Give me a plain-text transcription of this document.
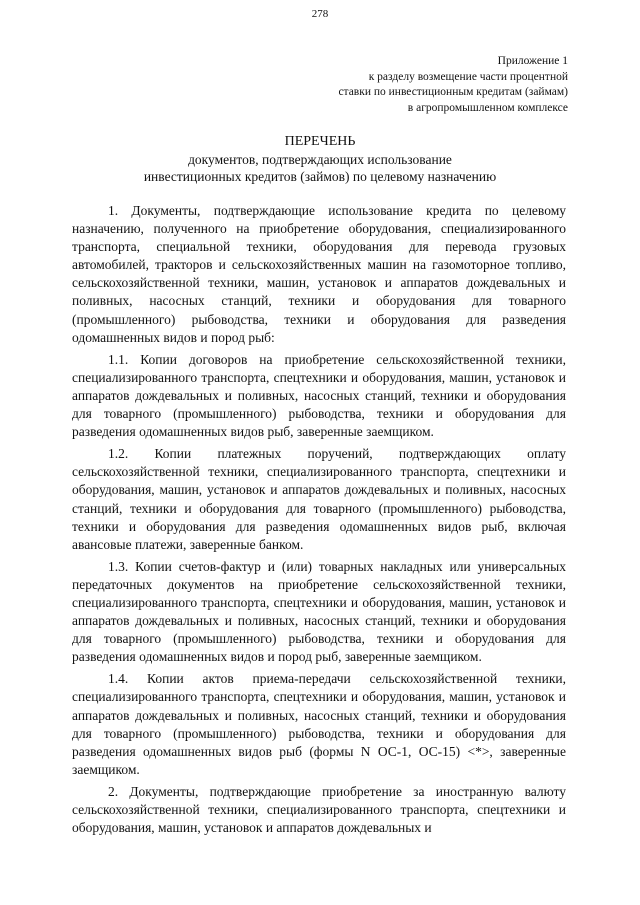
278
Приложение 1
к разделу возмещение части процентной
ставки по инвестиционным кредитам (займам)
в агропромышленном комплексе
ПЕРЕЧЕНЬ
документов, подтверждающих использование
инвестиционных кредитов (займов) по целевому назначению

1. Документы, подтверждающие использование кредита по целевому назначению, полученного на приобретение оборудования, специализированного транспорта, специальной техники, оборудования для перевода грузовых автомобилей, тракторов и сельскохозяйственных машин на газомоторное топливо, сельскохозяйственной техники, машин, установок и аппаратов дождевальных и поливных, насосных станций, техники и оборудования для товарного (промышленного) рыбоводства, техники и оборудования для разведения одомашненных видов и пород рыб:

1.1. Копии договоров на приобретение сельскохозяйственной техники, специализированного транспорта, спецтехники и оборудования, машин, установок и аппаратов дождевальных и поливных, насосных станций, техники и оборудования для товарного (промышленного) рыбоводства, техники и оборудования для разведения одомашненных видов рыб, заверенные заемщиком.

1.2. Копии платежных поручений, подтверждающих оплату сельскохозяйственной техники, специализированного транспорта, спецтехники и оборудования, машин, установок и аппаратов дождевальных и поливных, насосных станций, техники и оборудования для товарного (промышленного) рыбоводства, техники и оборудования для разведения одомашненных видов рыб, включая авансовые платежи, заверенные банком.

1.3. Копии счетов-фактур и (или) товарных накладных или универсальных передаточных документов на приобретение сельскохозяйственной техники, специализированного транспорта, спецтехники и оборудования, машин, установок и аппаратов дождевальных и поливных, насосных станций, техники и оборудования для товарного (промышленного) рыбоводства, техники и оборудования для разведения одомашненных видов и пород рыб, заверенные заемщиком.

1.4. Копии актов приема-передачи сельскохозяйственной техники, специализированного транспорта, спецтехники и оборудования, машин, установок и аппаратов дождевальных и поливных, насосных станций, техники и оборудования для товарного (промышленного) рыбоводства, техники и оборудования для разведения одомашненных видов рыб (формы N ОС-1, ОС-15) <*>, заверенные заемщиком.

2. Документы, подтверждающие приобретение за иностранную валюту сельскохозяйственной техники, специализированного транспорта, спецтехники и оборудования, машин, установок и аппаратов дождевальных и
